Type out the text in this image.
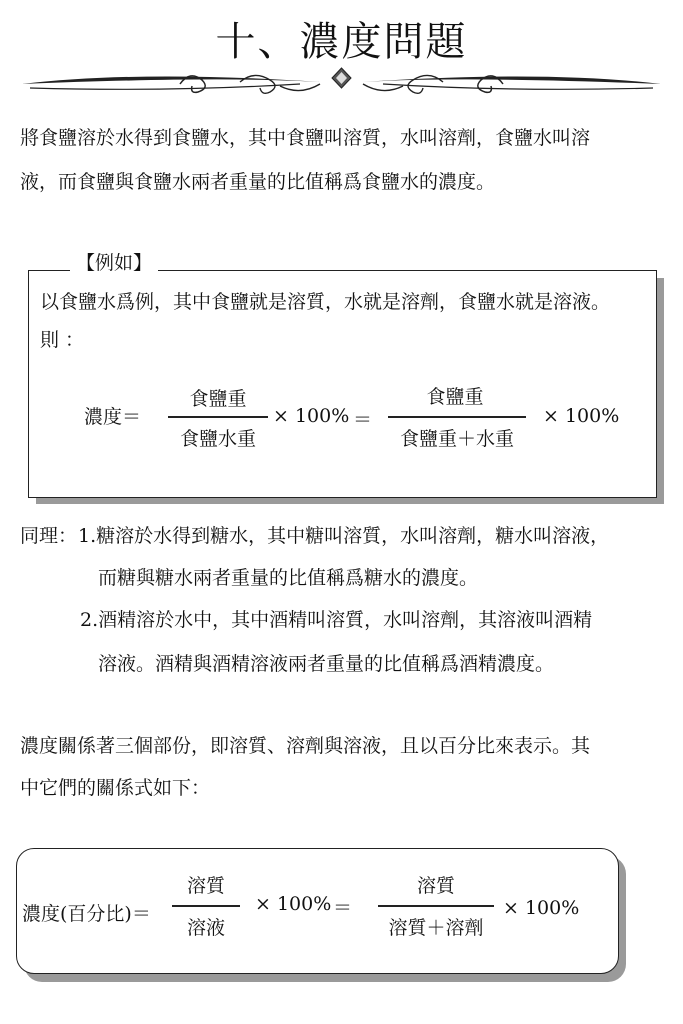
十、濃度問題
將食鹽溶於水得到食鹽水，其中食鹽叫溶質，水叫溶劑，食鹽水叫溶
液，而食鹽與食鹽水兩者重量的比值稱爲食鹽水的濃度。
【例如】
以食鹽水爲例，其中食鹽就是溶質，水就是溶劑，食鹽水就是溶液。
則 ：
濃度＝
食鹽重
食鹽水重
× 100% ＝
食鹽重
食鹽重＋水重
× 100%
同理： 1.糖溶於水得到糖水，其中糖叫溶質，水叫溶劑，糖水叫溶液，
而糖與糖水兩者重量的比值稱爲糖水的濃度。
2.酒精溶於水中，其中酒精叫溶質，水叫溶劑，其溶液叫酒精
溶液。酒精與酒精溶液兩者重量的比值稱爲酒精濃度。
濃度關係著三個部份，即溶質、溶劑與溶液，且以百分比來表示。其
中它們的關係式如下：
濃度(百分比)＝
溶質
溶液
× 100% ＝
溶質
溶質＋溶劑
× 100%
